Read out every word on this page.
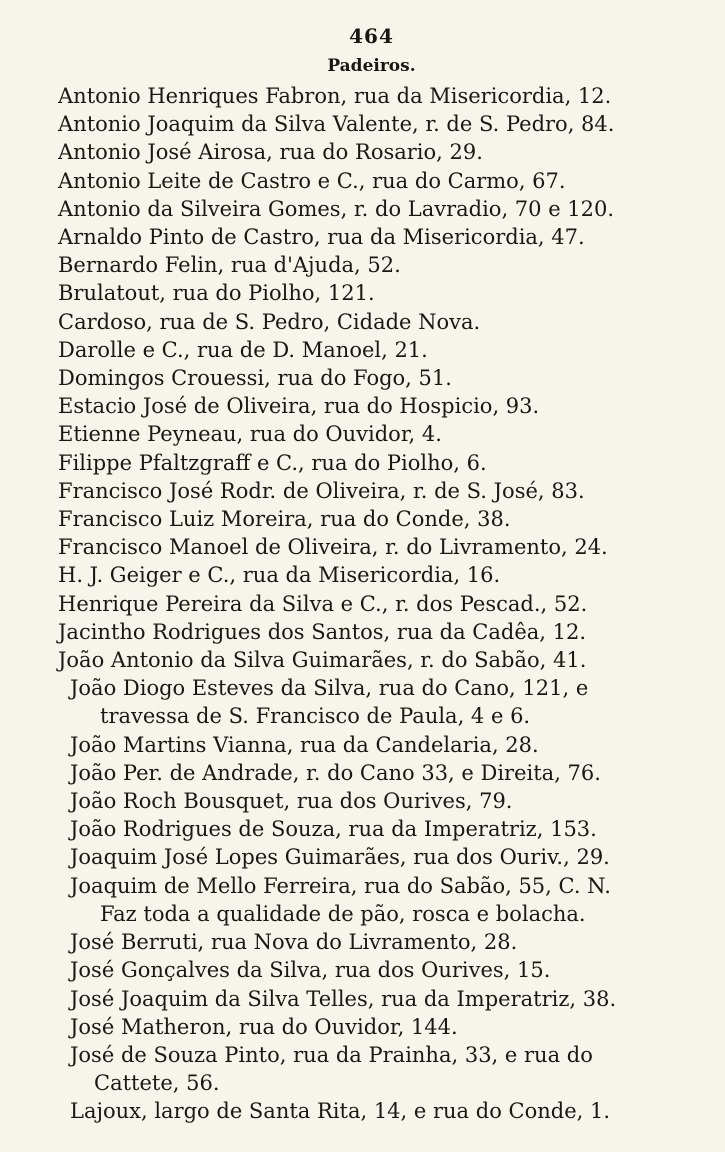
464
Padeiros.
Antonio Henriques Fabron, rua da Misericordia, 12.
Antonio Joaquim da Silva Valente, r. de S. Pedro, 84.
Antonio José Airosa, rua do Rosario, 29.
Antonio Leite de Castro e C., rua do Carmo, 67.
Antonio da Silveira Gomes, r. do Lavradio, 70 e 120.
Arnaldo Pinto de Castro, rua da Misericordia, 47.
Bernardo Felin, rua d'Ajuda, 52.
Brulatout, rua do Piolho, 121.
Cardoso, rua de S. Pedro, Cidade Nova.
Darolle e C., rua de D. Manoel, 21.
Domingos Crouessi, rua do Fogo, 51.
Estacio José de Oliveira, rua do Hospicio, 93.
Etienne Peyneau, rua do Ouvidor, 4.
Filippe Pfaltzgraff e C., rua do Piolho, 6.
Francisco José Rodr. de Oliveira, r. de S. José, 83.
Francisco Luiz Moreira, rua do Conde, 38.
Francisco Manoel de Oliveira, r. do Livramento, 24.
H. J. Geiger e C., rua da Misericordia, 16.
Henrique Pereira da Silva e C., r. dos Pescad., 52.
Jacintho Rodrigues dos Santos, rua da Cadêa, 12.
João Antonio da Silva Guimarães, r. do Sabão, 41.
João Diogo Esteves da Silva, rua do Cano, 121, e
travessa de S. Francisco de Paula, 4 e 6.
João Martins Vianna, rua da Candelaria, 28.
João Per. de Andrade, r. do Cano 33, e Direita, 76.
João Roch Bousquet, rua dos Ourives, 79.
João Rodrigues de Souza, rua da Imperatriz, 153.
Joaquim José Lopes Guimarães, rua dos Ouriv., 29.
Joaquim de Mello Ferreira, rua do Sabão, 55, C. N.
Faz toda a qualidade de pão, rosca e bolacha.
José Berruti, rua Nova do Livramento, 28.
José Gonçalves da Silva, rua dos Ourives, 15.
José Joaquim da Silva Telles, rua da Imperatriz, 38.
José Matheron, rua do Ouvidor, 144.
José de Souza Pinto, rua da Prainha, 33, e rua do
Cattete, 56.
Lajoux, largo de Santa Rita, 14, e rua do Conde, 1.
